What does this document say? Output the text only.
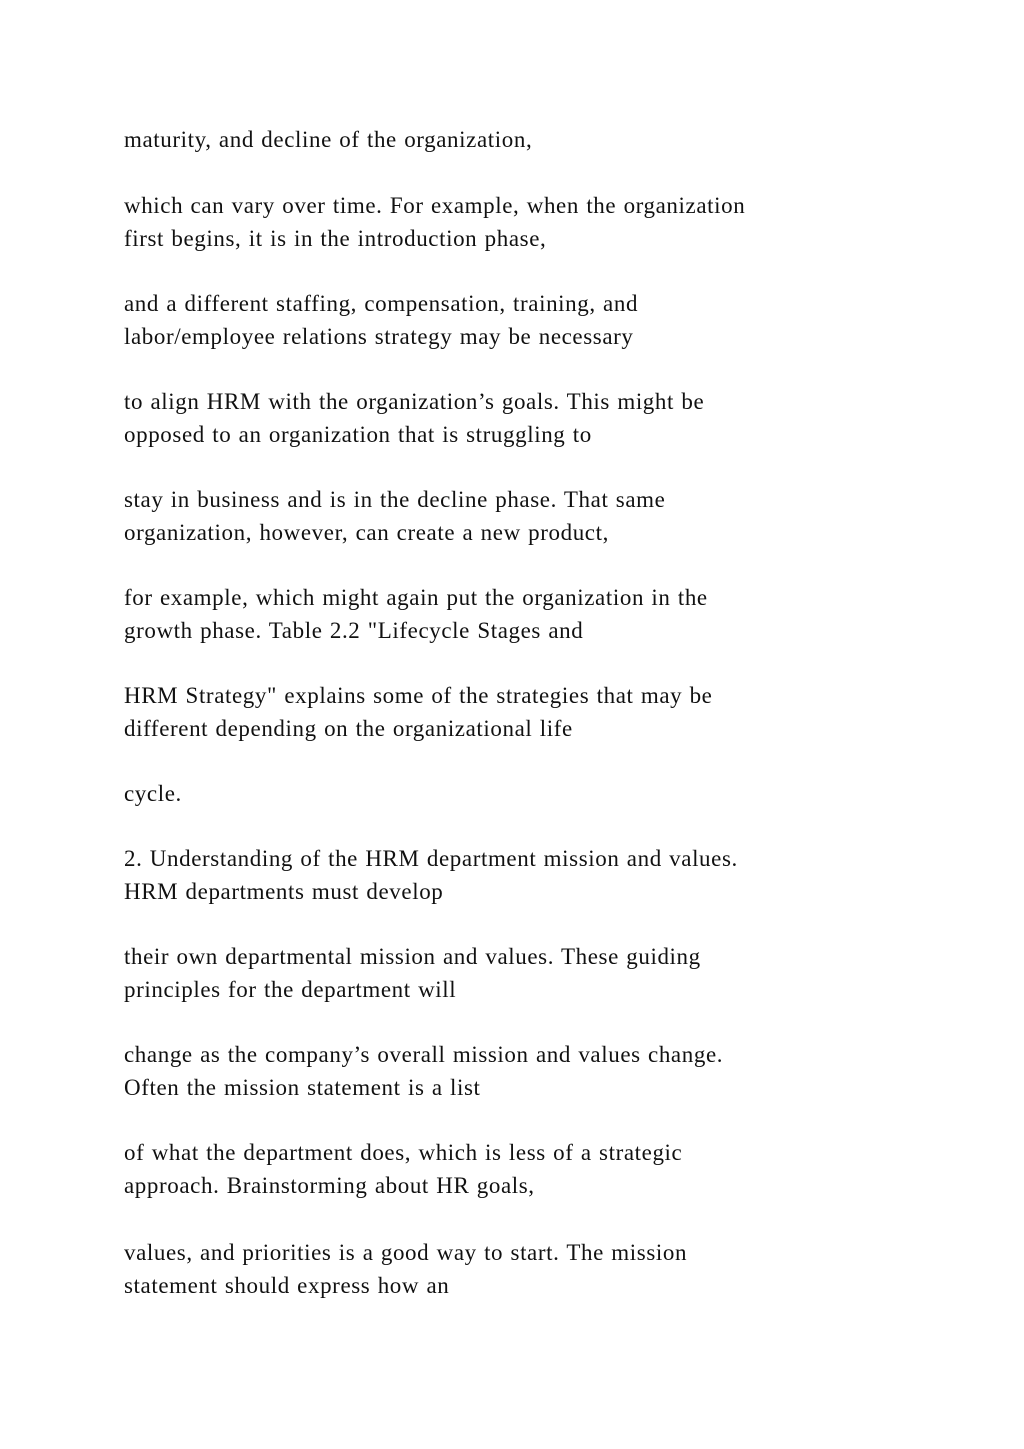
maturity, and decline of the organization,
which can vary over time. For example, when the organization
first begins, it is in the introduction phase,
and a different staffing, compensation, training, and
labor/employee relations strategy may be necessary
to align HRM with the organization’s goals. This might be
opposed to an organization that is struggling to
stay in business and is in the decline phase. That same
organization, however, can create a new product,
for example, which might again put the organization in the
growth phase. Table 2.2 "Lifecycle Stages and
HRM Strategy" explains some of the strategies that may be
different depending on the organizational life
cycle.
2. Understanding of the HRM department mission and values.
HRM departments must develop
their own departmental mission and values. These guiding
principles for the department will
change as the company’s overall mission and values change.
Often the mission statement is a list
of what the department does, which is less of a strategic
approach. Brainstorming about HR goals,
values, and priorities is a good way to start. The mission
statement should express how an
